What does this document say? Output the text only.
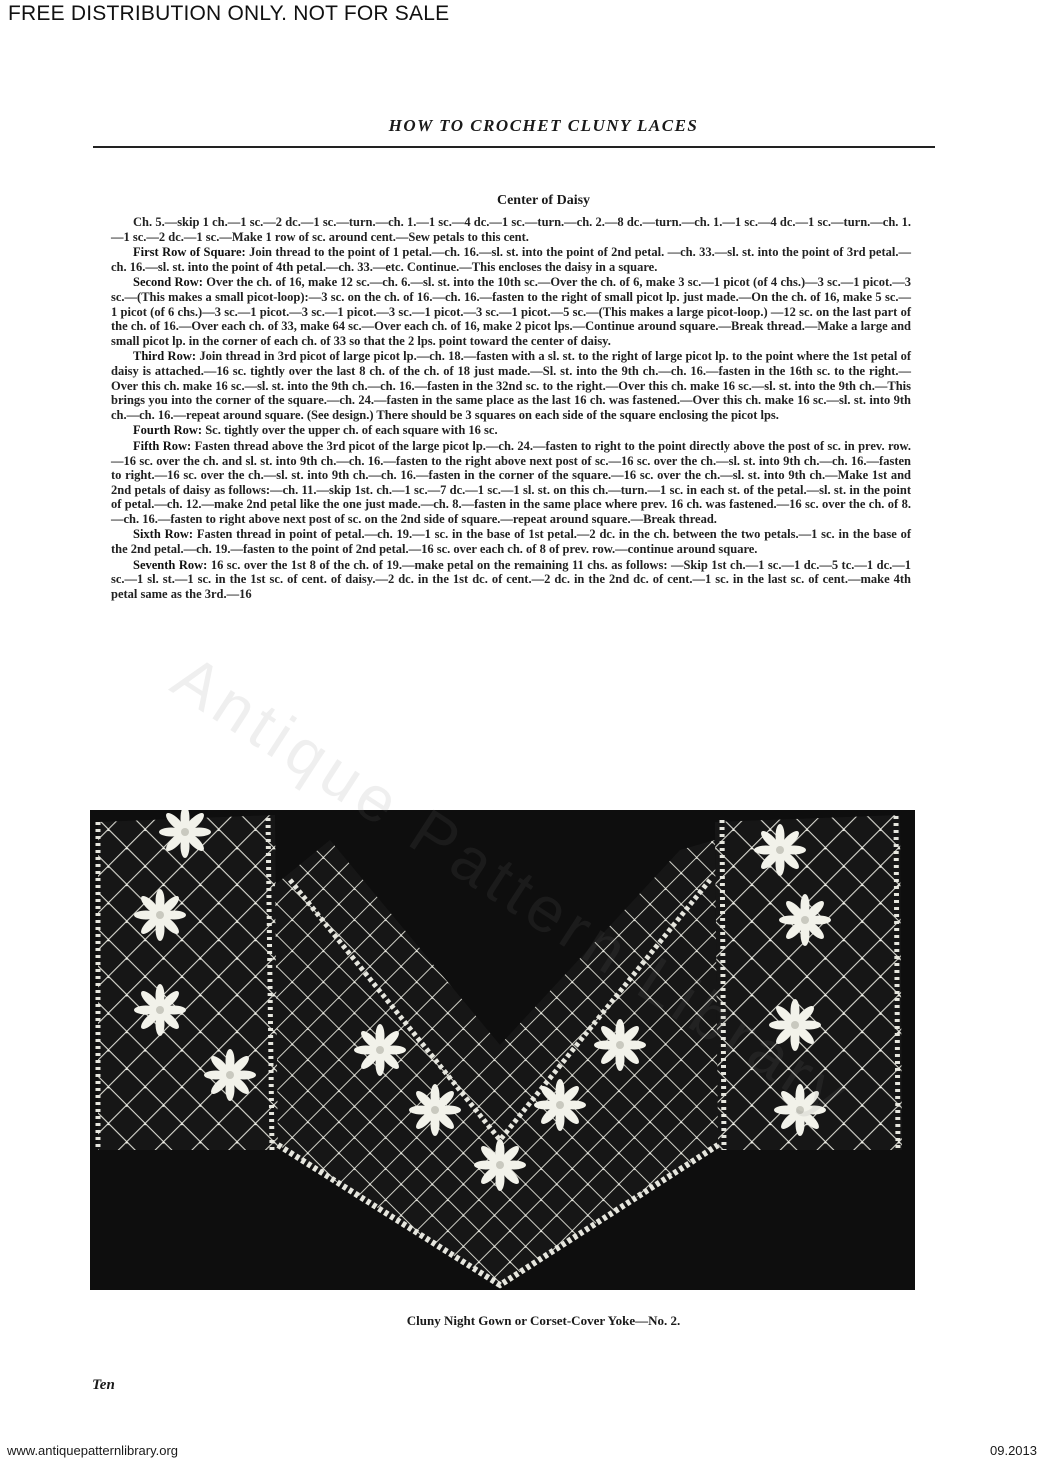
FREE DISTRIBUTION ONLY. NOT FOR SALE
HOW TO CROCHET CLUNY LACES
Center of Daisy

Ch. 5.—skip 1 ch.—1 sc.—2 dc.—1 sc.—turn.—ch. 1.—1 sc.—4 dc.—1 sc.—turn.—ch. 2.—8 dc.—turn.—ch. 1.—1 sc.—4 dc.—1 sc.—turn.—ch. 1.—1 sc.—2 dc.—1 sc.—Make 1 row of sc. around cent.—Sew petals to this cent.

First Row of Square: Join thread to the point of 1 petal.—ch. 16.—sl. st. into the point of 2nd petal. —ch. 33.—sl. st. into the point of 3rd petal.—ch. 16.—sl. st. into the point of 4th petal.—ch. 33.—etc. Continue.—This encloses the daisy in a square.

Second Row: Over the ch. of 16, make 12 sc.—ch. 6.—sl. st. into the 10th sc.—Over the ch. of 6, make 3 sc.—1 picot (of 4 chs.)—3 sc.—1 picot.—3 sc.—(This makes a small picot-loop):—3 sc. on the ch. of 16.—ch. 16.—fasten to the right of small picot lp. just made.—On the ch. of 16, make 5 sc.—1 picot (of 6 chs.)—3 sc.—1 picot.—3 sc.—1 picot.—3 sc.—1 picot.—3 sc.—1 picot.—5 sc.—(This makes a large picot-loop.) —12 sc. on the last part of the ch. of 16.—Over each ch. of 33, make 64 sc.—Over each ch. of 16, make 2 picot lps.—Continue around square.—Break thread.—Make a large and small picot lp. in the corner of each ch. of 33 so that the 2 lps. point toward the center of daisy.

Third Row: Join thread in 3rd picot of large picot lp.—ch. 18.—fasten with a sl. st. to the right of large picot lp. to the point where the 1st petal of daisy is attached.—16 sc. tightly over the last 8 ch. of the ch. of 18 just made.—Sl. st. into the 9th ch.—ch. 16.—fasten in the 16th sc. to the right.—Over this ch. make 16 sc.—sl. st. into the 9th ch.—ch. 16.—fasten in the 32nd sc. to the right.—Over this ch. make 16 sc.—sl. st. into the 9th ch.—This brings you into the corner of the square.—ch. 24.—fasten in the same place as the last 16 ch. was fastened.—Over this ch. make 16 sc.—sl. st. into 9th ch.—ch. 16.—repeat around square. (See design.) There should be 3 squares on each side of the square enclosing the picot lps.

Fourth Row: Sc. tightly over the upper ch. of each square with 16 sc.

Fifth Row: Fasten thread above the 3rd picot of the large picot lp.—ch. 24.—fasten to right to the point directly above the post of sc. in prev. row.—16 sc. over the ch. and sl. st. into 9th ch.—ch. 16.—fasten to the right above next post of sc.—16 sc. over the ch.—sl. st. into 9th ch.—ch. 16.—fasten to right.—16 sc. over the ch.—sl. st. into 9th ch.—ch. 16.—fasten in the corner of the square.—16 sc. over the ch.—sl. st. into 9th ch.—Make 1st and 2nd petals of daisy as follows:—ch. 11.—skip 1st. ch.—1 sc.—7 dc.—1 sc.—1 sl. st. on this ch.—turn.—1 sc. in each st. of the petal.—sl. st. in the point of petal.—ch. 12.—make 2nd petal like the one just made.—ch. 8.—fasten in the same place where prev. 16 ch. was fastened.—16 sc. over the ch. of 8.—ch. 16.—fasten to right above next post of sc. on the 2nd side of square.—repeat around square.—Break thread.

Sixth Row: Fasten thread in point of petal.—ch. 19.—1 sc. in the base of 1st petal.—2 dc. in the ch. between the two petals.—1 sc. in the base of the 2nd petal.—ch. 19.—fasten to the point of 2nd petal.—16 sc. over each ch. of 8 of prev. row.—continue around square.

Seventh Row: 16 sc. over the 1st 8 of the ch. of 19.—make petal on the remaining 11 chs. as follows: —Skip 1st ch.—1 sc.—1 dc.—5 tc.—1 dc.—1 sc.—1 sl. st.—1 sc. in the 1st sc. of cent. of daisy.—2 dc. in the 1st dc. of cent.—2 dc. in the 2nd dc. of cent.—1 sc. in the last sc. of cent.—make 4th petal same as the 3rd.—16

Cluny Night Gown or Corset-Cover Yoke—No. 2.
Ten
www.antiquepatternlibrary.org	09.2013
